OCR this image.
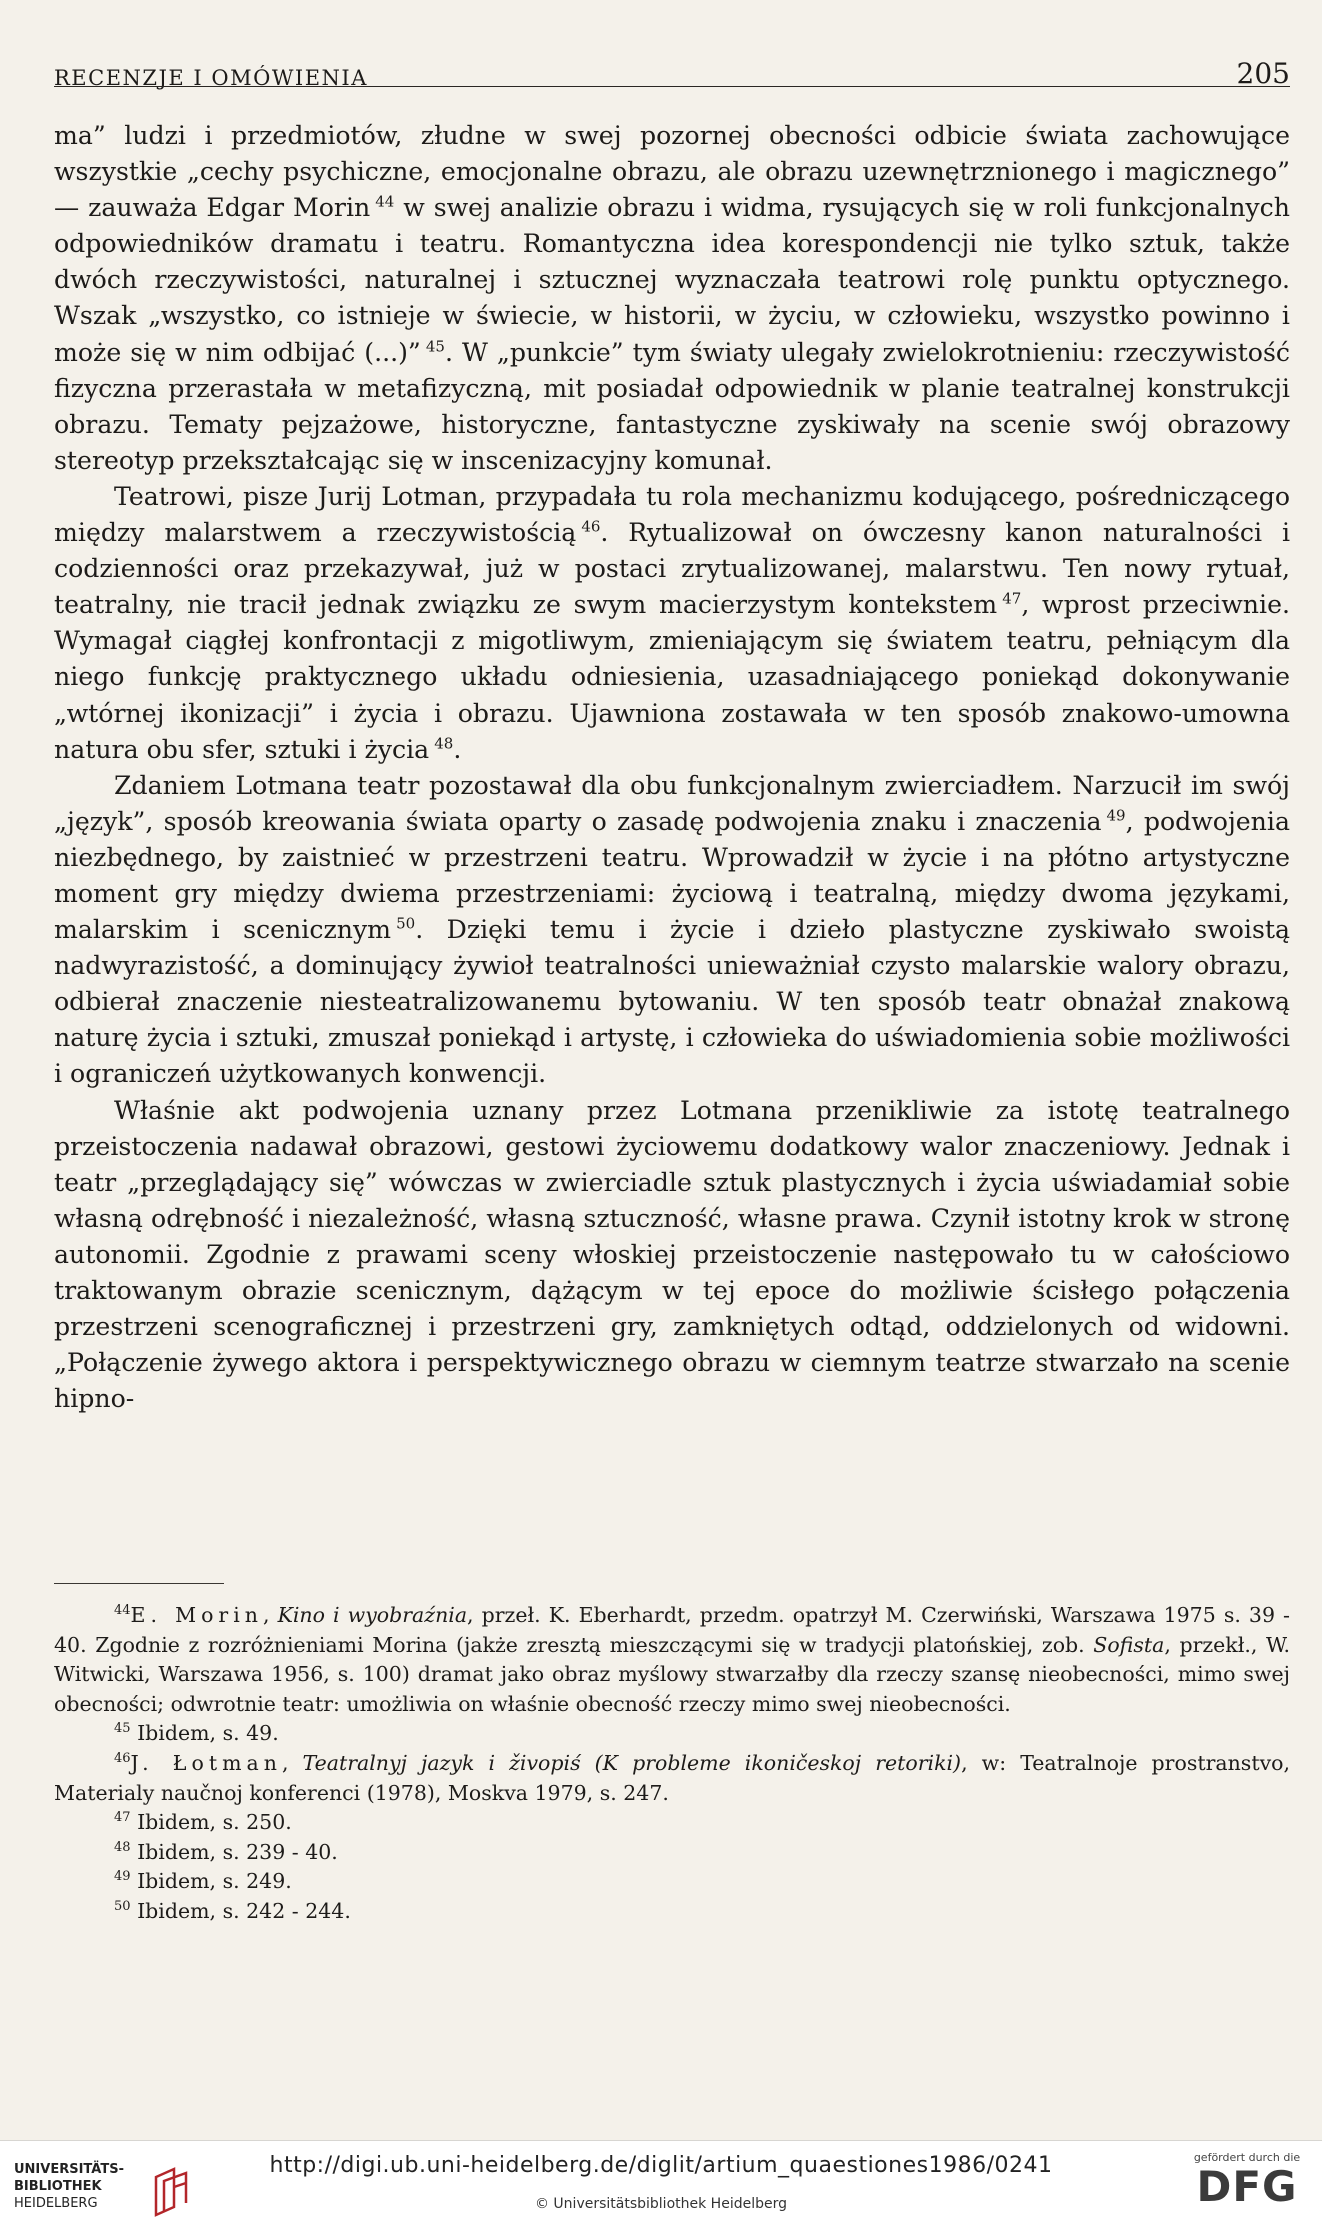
RECENZJE I OMÓWIENIA	205

ma” ludzi i przedmiotów, złudne w swej pozornej obecności odbicie świata zachowujące wszystkie „cechy psychiczne, emocjonalne obrazu, ale obrazu uzewnętrznionego i magicznego” — zauważa Edgar Morin  $^{44}$ w swej analizie obrazu i widma, rysujących się w roli funkcjonalnych odpowiedników dramatu i teatru. Romantyczna idea korespondencji nie tylko sztuk, także dwóch rzeczywistości, naturalnej i sztucznej wyznaczała teatrowi rolę punktu optycznego. Wszak „wszystko, co istnieje w świecie, w historii, w życiu, w człowieku, wszystko powinno i może się w nim odbijać (...)”  $^{45}$. W „punkcie” tym światy ulegały zwielokrotnieniu: rzeczywistość fizyczna przerastała w metafizyczną, mit posiadał odpowiednik w planie teatralnej konstrukcji obrazu. Tematy pejzażowe, historyczne, fantastyczne zyskiwały na scenie swój obrazowy stereotyp przekształcając się w inscenizacyjny komunał.

Teatrowi, pisze Jurij Lotman, przypadała tu rola mechanizmu kodującego, pośredniczącego między malarstwem a rzeczywistością  $^{46}$. Rytualizował on ówczesny kanon naturalności i codzienności oraz przekazywał, już w postaci zrytualizowanej, malarstwu. Ten nowy rytuał, teatralny, nie tracił jednak związku ze swym macierzystym kontekstem  $^{47}$, wprost przeciwnie. Wymagał ciągłej konfrontacji z migotliwym, zmieniającym się światem teatru, pełniącym dla niego funkcję praktycznego układu odniesienia, uzasadniającego poniekąd dokonywanie „wtórnej ikonizacji” i życia i obrazu. Ujawniona zostawała w ten sposób znakowo-umowna natura obu sfer, sztuki i życia  $^{48}$.

Zdaniem Lotmana teatr pozostawał dla obu funkcjonalnym zwierciadłem. Narzucił im swój „język”, sposób kreowania świata oparty o zasadę podwojenia znaku i znaczenia  $^{49}$, podwojenia niezbędnego, by zaistnieć w przestrzeni teatru. Wprowadził w życie i na płótno artystyczne moment gry między dwiema przestrzeniami: życiową i teatralną, między dwoma językami, malarskim i scenicznym  $^{50}$. Dzięki temu i życie i dzieło plastyczne zyskiwało swoistą nadwyrazistość, a dominujący żywioł teatralności unieważniał czysto malarskie walory obrazu, odbierał znaczenie niesteatralizowanemu bytowaniu. W ten sposób teatr obnażał znakową naturę życia i sztuki, zmuszał poniekąd i artystę, i człowieka do uświadomienia sobie możliwości i ograniczeń użytkowanych konwencji.

Właśnie akt podwojenia uznany przez Lotmana przenikliwie za istotę teatralnego przeistoczenia nadawał obrazowi, gestowi życiowemu dodatkowy walor znaczeniowy. Jednak i teatr „przeglądający się” wówczas w zwierciadle sztuk plastycznych i życia uświadamiał sobie własną odrębność i niezależność, własną sztuczność, własne prawa. Czynił istotny krok w stronę autonomii. Zgodnie z prawami sceny włoskiej przeistoczenie następowało tu w całościowo traktowanym obrazie scenicznym, dążącym w tej epoce do możliwie ścisłego połączenia przestrzeni scenograficznej i przestrzeni gry, zamkniętych odtąd, oddzielonych od widowni. „Połączenie żywego aktora i perspektywicznego obrazu w ciemnym teatrze stwarzało na scenie hipno-

$^{44}$E. Morin, Kino i wyobraźnia, przeł. K. Eberhardt, przedm. opatrzył M. Czerwiński, Warszawa 1975 s. 39 - 40. Zgodnie z rozróżnieniami Morina (jakże zresztą mieszczącymi się w tradycji platońskiej, zob. Sofista, przekł., W. Witwicki, Warszawa 1956, s. 100) dramat jako obraz myślowy stwarzałby dla rzeczy szansę nieobecności, mimo swej obecności; odwrotnie teatr: umożliwia on właśnie obecność rzeczy mimo swej nieobecności.

$^{45}$ Ibidem, s. 49.

$^{46}$J. Łotman, Teatralnyj jazyk i živopiś (K probleme ikoničeskoj retoriki), w: Teatralnoje prostranstvo, Materialy naučnoj konferenci (1978), Moskva 1979, s. 247.

$^{47}$ Ibidem, s. 250.

$^{48}$ Ibidem, s. 239 - 40.

$^{49}$ Ibidem, s. 249.

$^{50}$ Ibidem, s. 242 - 244.

UNIVERSITÄTS-
BIBLIOTHEK
HEIDELBERG
http://digi.ub.uni-heidelberg.de/diglit/artium_quaestiones1986/0241
© Universitätsbibliothek Heidelberg
gefördert durch die
DFG
